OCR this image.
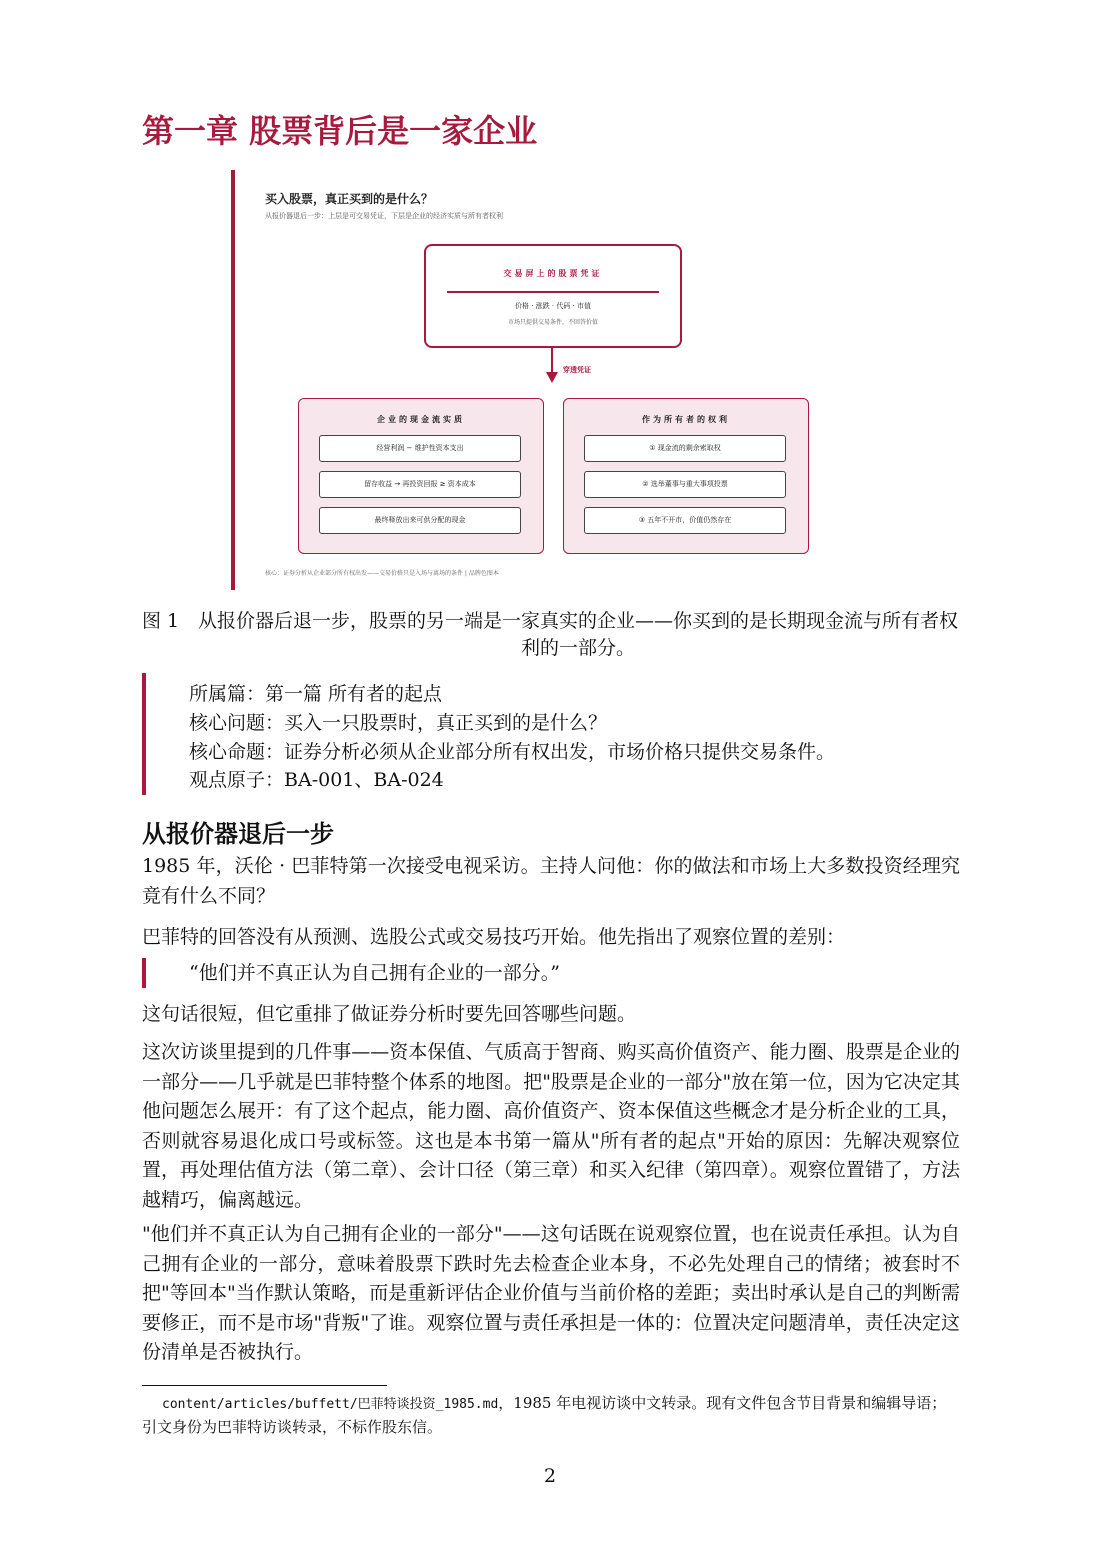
第一章 股票背后是一家企业
买入股票，真正买到的是什么？
从报价器退后一步：上层是可交易凭证，下层是企业的经济实质与所有者权利
交易屏上的股票凭证
价格 · 涨跌 · 代码 · 市值
市场只提供交易条件，不回答价值
穿透凭证
企业的现金流实质
经营利润 − 维护性资本支出
留存收益 → 再投资回报 ≥ 资本成本
最终释放出来可供分配的现金
作为所有者的权利
① 现金流的剩余索取权
② 选举董事与重大事项投票
③ 五年不开市，价值仍然存在
核心：证券分析从企业部分所有权出发——交易价格只是入场与离场的条件 | 品牌色图本
图 1 从报价器后退一步，股票的另一端是一家真实的企业——你买到的是长期现金流与所有者权利的一部分。

所属篇：第一篇 所有者的起点
核心问题：买入一只股票时，真正买到的是什么？
核心命题：证券分析必须从企业部分所有权出发，市场价格只提供交易条件。
观点原子：BA-001、BA-024
从报价器退后一步

1985 年，沃伦 · 巴菲特第一次接受电视采访。主持人问他：你的做法和市场上大多数投资经理究竟有什么不同？

巴菲特的回答没有从预测、选股公式或交易技巧开始。他先指出了观察位置的差别：

“他们并不真正认为自己拥有企业的一部分。”

这句话很短，但它重排了做证券分析时要先回答哪些问题。

这次访谈里提到的几件事——资本保值、气质高于智商、购买高价值资产、能力圈、股票是企业的一部分——几乎就是巴菲特整个体系的地图。把"股票是企业的一部分"放在第一位，因为它决定其他问题怎么展开：有了这个起点，能力圈、高价值资产、资本保值这些概念才是分析企业的工具，否则就容易退化成口号或标签。这也是本书第一篇从"所有者的起点"开始的原因：先解决观察位置，再处理估值方法（第二章）、会计口径（第三章）和买入纪律（第四章）。观察位置错了，方法越精巧，偏离越远。

"他们并不真正认为自己拥有企业的一部分"——这句话既在说观察位置，也在说责任承担。认为自己拥有企业的一部分，意味着股票下跌时先去检查企业本身，不必先处理自己的情绪；被套时不把"等回本"当作默认策略，而是重新评估企业价值与当前价格的差距；卖出时承认是自己的判断需要修正，而不是市场"背叛"了谁。观察位置与责任承担是一体的：位置决定问题清单，责任决定这份清单是否被执行。

content/articles/buffett/巴菲特谈投资_1985.md，1985 年电视访谈中文转录。现有文件包含节目背景和编辑导语；引文身份为巴菲特访谈转录，不标作股东信。
2
